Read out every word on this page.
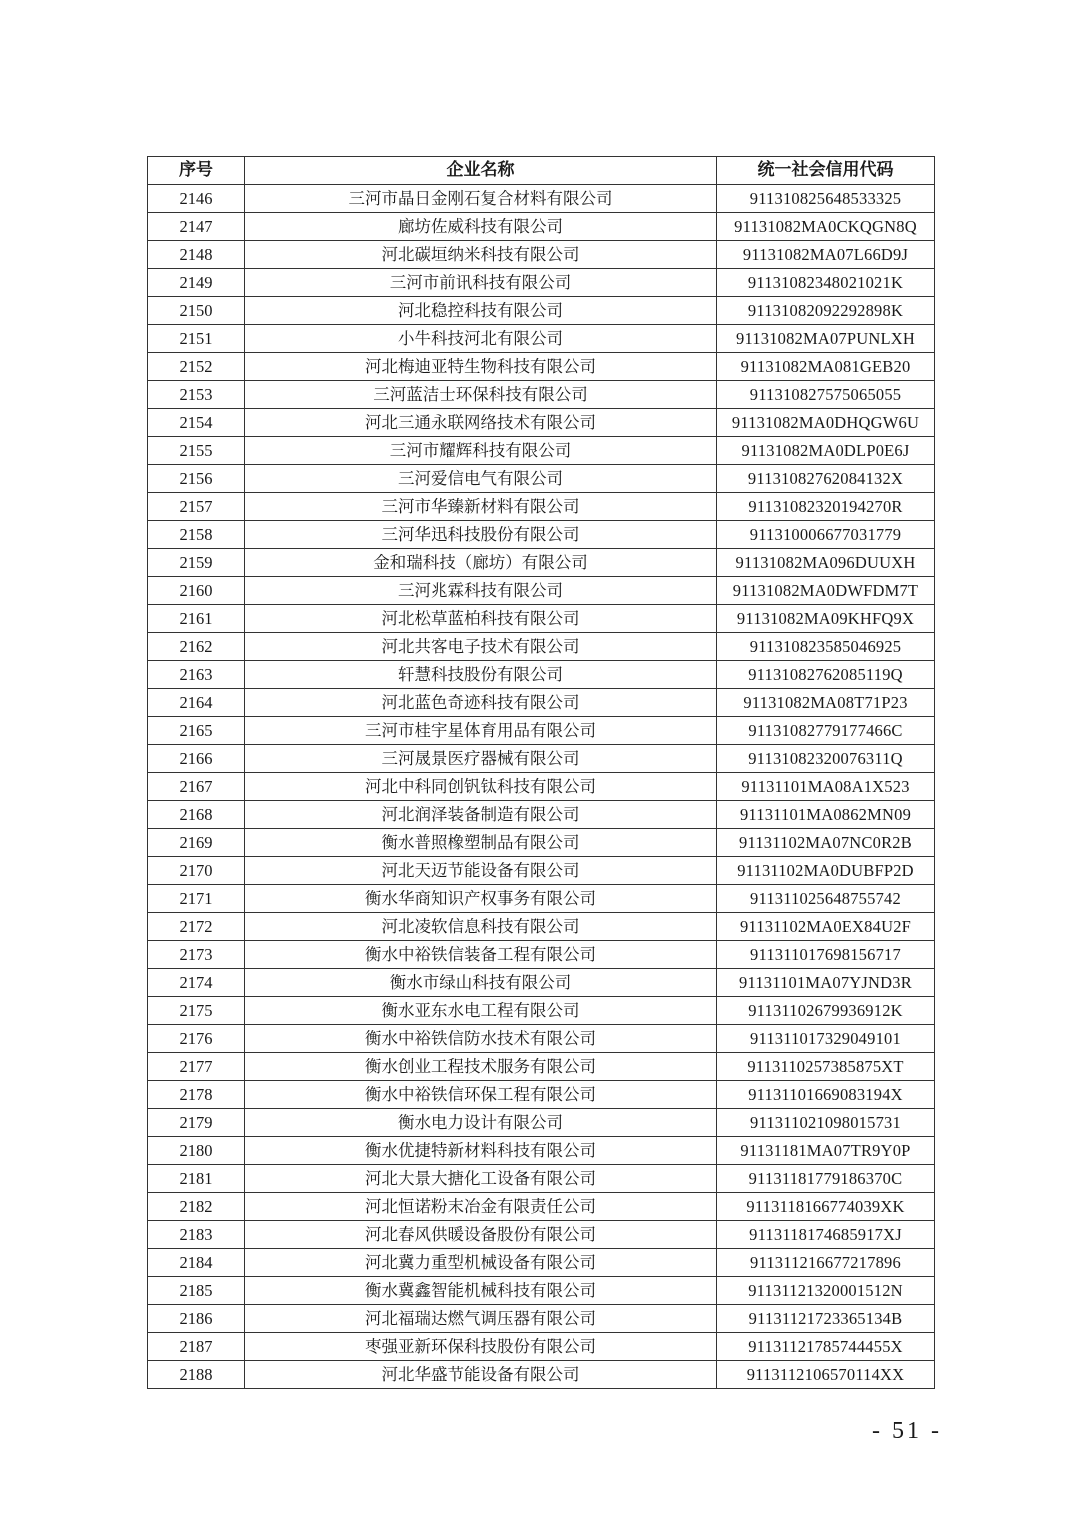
序号	企业名称	统一社会信用代码
2146	三河市晶日金刚石复合材料有限公司	911310825648533325
2147	廊坊佐威科技有限公司	91131082MA0CKQGN8Q
2148	河北碳垣纳米科技有限公司	91131082MA07L66D9J
2149	三河市前讯科技有限公司	91131082348021021K
2150	河北稳控科技有限公司	91131082092292898K
2151	小牛科技河北有限公司	91131082MA07PUNLXH
2152	河北梅迪亚特生物科技有限公司	91131082MA081GEB20
2153	三河蓝洁士环保科技有限公司	911310827575065055
2154	河北三通永联网络技术有限公司	91131082MA0DHQGW6U
2155	三河市耀辉科技有限公司	91131082MA0DLP0E6J
2156	三河爱信电气有限公司	91131082762084132X
2157	三河市华臻新材料有限公司	91131082320194270R
2158	三河华迅科技股份有限公司	911310006677031779
2159	金和瑞科技（廊坊）有限公司	91131082MA096DUUXH
2160	三河兆霖科技有限公司	91131082MA0DWFDM7T
2161	河北松草蓝柏科技有限公司	91131082MA09KHFQ9X
2162	河北共客电子技术有限公司	911310823585046925
2163	轩慧科技股份有限公司	91131082762085119Q
2164	河北蓝色奇迹科技有限公司	91131082MA08T71P23
2165	三河市桂宇星体育用品有限公司	91131082779177466C
2166	三河晟景医疗器械有限公司	91131082320076311Q
2167	河北中科同创钒钛科技有限公司	91131101MA08A1X523
2168	河北润泽装备制造有限公司	91131101MA0862MN09
2169	衡水普照橡塑制品有限公司	91131102MA07NC0R2B
2170	河北天迈节能设备有限公司	91131102MA0DUBFP2D
2171	衡水华商知识产权事务有限公司	911311025648755742
2172	河北凌软信息科技有限公司	91131102MA0EX84U2F
2173	衡水中裕铁信装备工程有限公司	911311017698156717
2174	衡水市绿山科技有限公司	91131101MA07YJND3R
2175	衡水亚东水电工程有限公司	91131102679936912K
2176	衡水中裕铁信防水技术有限公司	911311017329049101
2177	衡水创业工程技术服务有限公司	9113110257385875XT
2178	衡水中裕铁信环保工程有限公司	91131101669083194X
2179	衡水电力设计有限公司	911311021098015731
2180	衡水优捷特新材料科技有限公司	91131181MA07TR9Y0P
2181	河北大景大搪化工设备有限公司	91131181779186370C
2182	河北恒诺粉末冶金有限责任公司	9113118166774039XK
2183	河北春风供暖设备股份有限公司	9113118174685917XJ
2184	河北冀力重型机械设备有限公司	911311216677217896
2185	衡水冀鑫智能机械科技有限公司	91131121320001512N
2186	河北福瑞达燃气调压器有限公司	91131121723365134B
2187	枣强亚新环保科技股份有限公司	91131121785744455X
2188	河北华盛节能设备有限公司	9113112106570114XX
- 51 -
